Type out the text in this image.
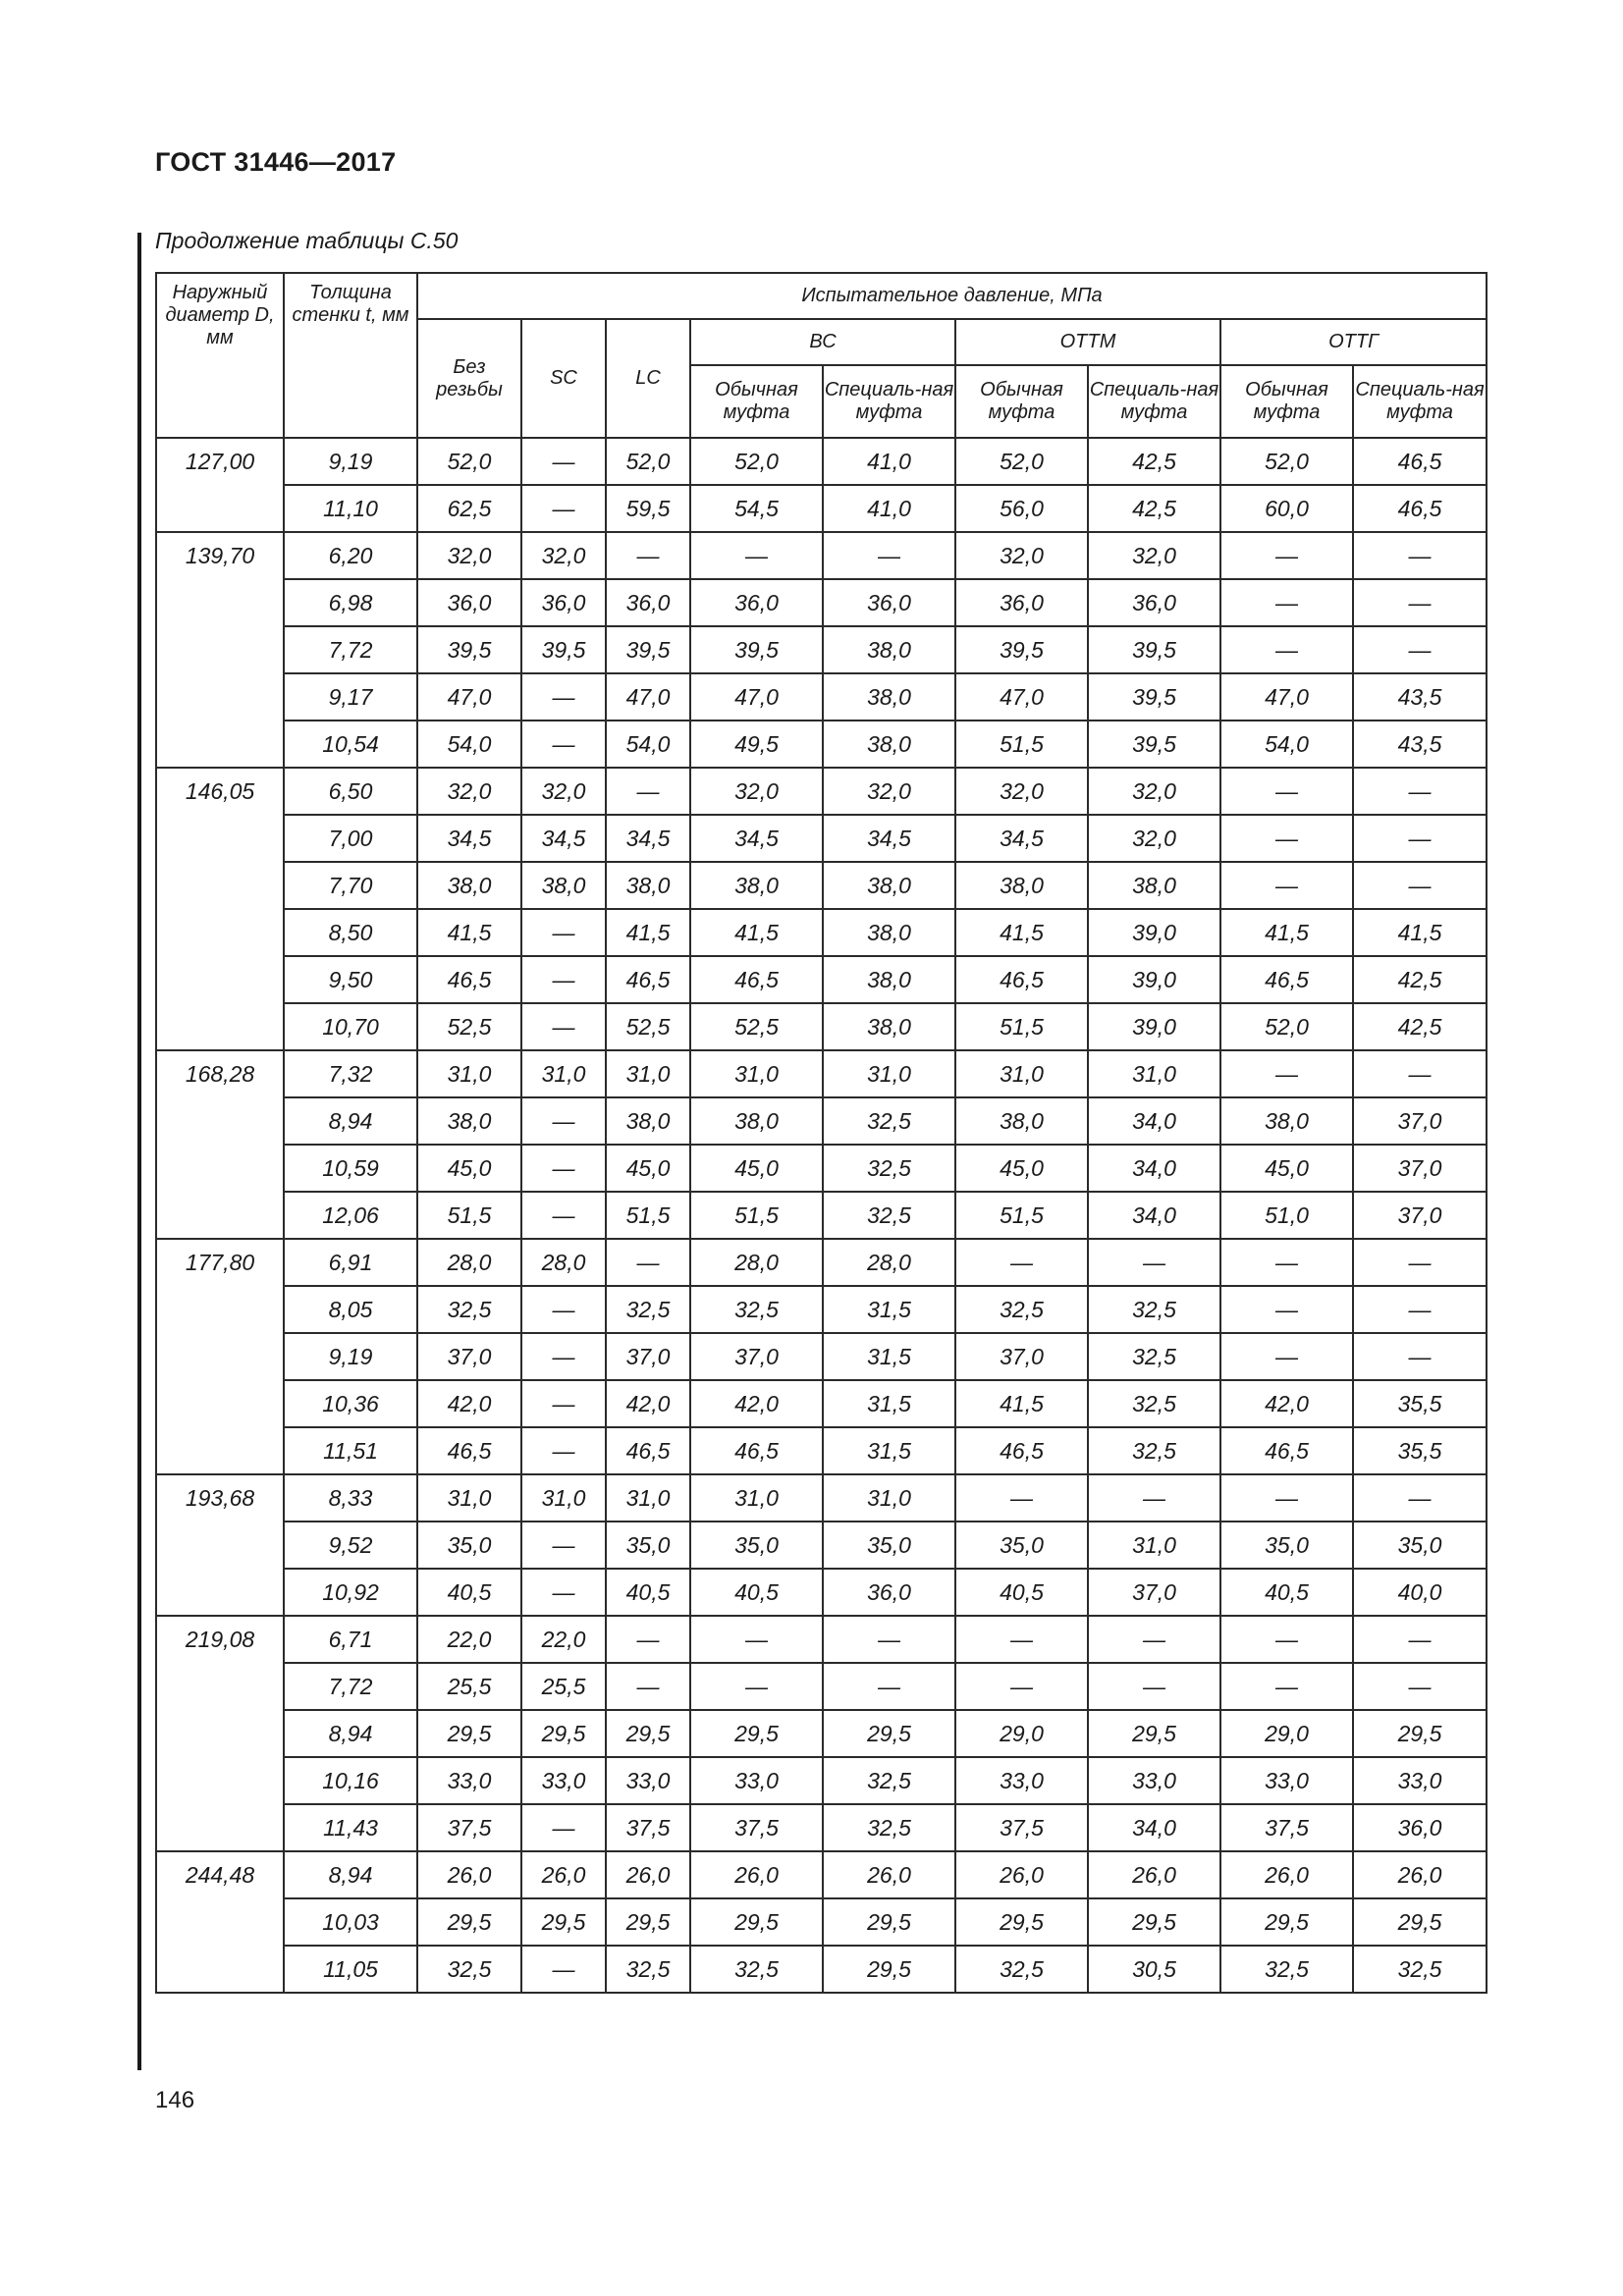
ГОСТ 31446—2017
Продолжение таблицы С.50
Наружный диаметр D, мм	Толщина стенки t, мм	Испытательное давление, МПа								
		Без резьбы	SC	LC	ВС		ОТТМ		ОТТГ	
					Обычная муфта	Специаль-ная муфта	Обычная муфта	Специаль-ная муфта	Обычная муфта	Специаль-ная муфта
127,00	9,19	52,0	—	52,0	52,0	41,0	52,0	42,5	52,0	46,5
	11,10	62,5	—	59,5	54,5	41,0	56,0	42,5	60,0	46,5
139,70	6,20	32,0	32,0	—	—	—	32,0	32,0	—	—
	6,98	36,0	36,0	36,0	36,0	36,0	36,0	36,0	—	—
	7,72	39,5	39,5	39,5	39,5	38,0	39,5	39,5	—	—
	9,17	47,0	—	47,0	47,0	38,0	47,0	39,5	47,0	43,5
	10,54	54,0	—	54,0	49,5	38,0	51,5	39,5	54,0	43,5
146,05	6,50	32,0	32,0	—	32,0	32,0	32,0	32,0	—	—
	7,00	34,5	34,5	34,5	34,5	34,5	34,5	32,0	—	—
	7,70	38,0	38,0	38,0	38,0	38,0	38,0	38,0	—	—
	8,50	41,5	—	41,5	41,5	38,0	41,5	39,0	41,5	41,5
	9,50	46,5	—	46,5	46,5	38,0	46,5	39,0	46,5	42,5
	10,70	52,5	—	52,5	52,5	38,0	51,5	39,0	52,0	42,5
168,28	7,32	31,0	31,0	31,0	31,0	31,0	31,0	31,0	—	—
	8,94	38,0	—	38,0	38,0	32,5	38,0	34,0	38,0	37,0
	10,59	45,0	—	45,0	45,0	32,5	45,0	34,0	45,0	37,0
	12,06	51,5	—	51,5	51,5	32,5	51,5	34,0	51,0	37,0
177,80	6,91	28,0	28,0	—	28,0	28,0	—	—	—	—
	8,05	32,5	—	32,5	32,5	31,5	32,5	32,5	—	—
	9,19	37,0	—	37,0	37,0	31,5	37,0	32,5	—	—
	10,36	42,0	—	42,0	42,0	31,5	41,5	32,5	42,0	35,5
	11,51	46,5	—	46,5	46,5	31,5	46,5	32,5	46,5	35,5
193,68	8,33	31,0	31,0	31,0	31,0	31,0	—	—	—	—
	9,52	35,0	—	35,0	35,0	35,0	35,0	31,0	35,0	35,0
	10,92	40,5	—	40,5	40,5	36,0	40,5	37,0	40,5	40,0
219,08	6,71	22,0	22,0	—	—	—	—	—	—	—
	7,72	25,5	25,5	—	—	—	—	—	—	—
	8,94	29,5	29,5	29,5	29,5	29,5	29,0	29,5	29,0	29,5
	10,16	33,0	33,0	33,0	33,0	32,5	33,0	33,0	33,0	33,0
	11,43	37,5	—	37,5	37,5	32,5	37,5	34,0	37,5	36,0
244,48	8,94	26,0	26,0	26,0	26,0	26,0	26,0	26,0	26,0	26,0
	10,03	29,5	29,5	29,5	29,5	29,5	29,5	29,5	29,5	29,5
	11,05	32,5	—	32,5	32,5	29,5	32,5	30,5	32,5	32,5
146
